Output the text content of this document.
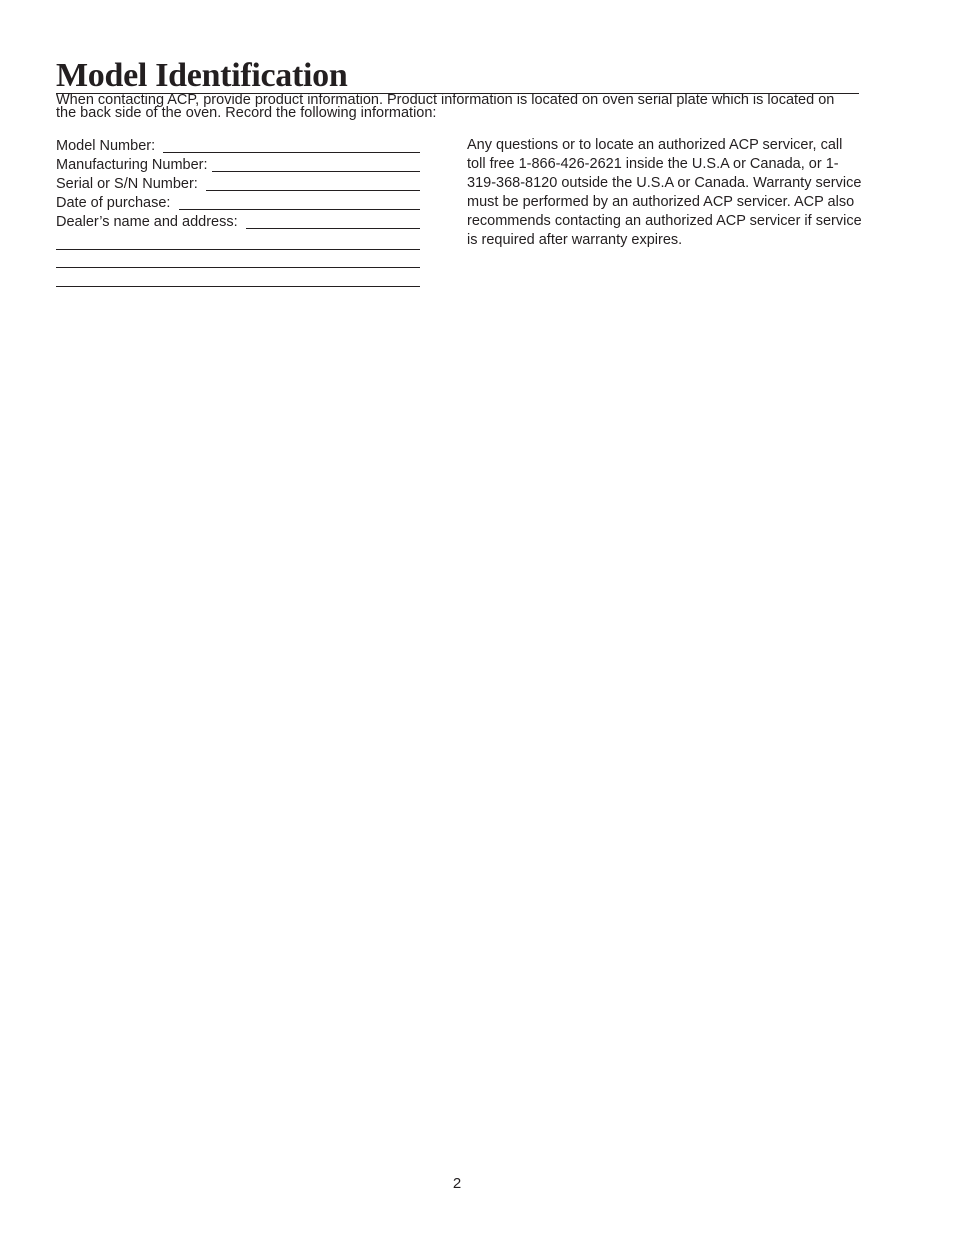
Model Identification

When contacting ACP, provide product information. Product information is located on oven serial plate which is located on the back side of the oven. Record the following information:

Model Number:
Manufacturing Number:
Serial or S/N Number:
Date of purchase:
Dealer’s name and address:

Any questions or to locate an authorized ACP servicer, call toll free 1-866-426-2621 inside the U.S.A or Canada, or 1-319-368-8120 outside the U.S.A or Canada. Warranty service must be performed by an authorized ACP servicer. ACP also recommends contacting an authorized ACP servicer if service is required after warranty expires.

2
